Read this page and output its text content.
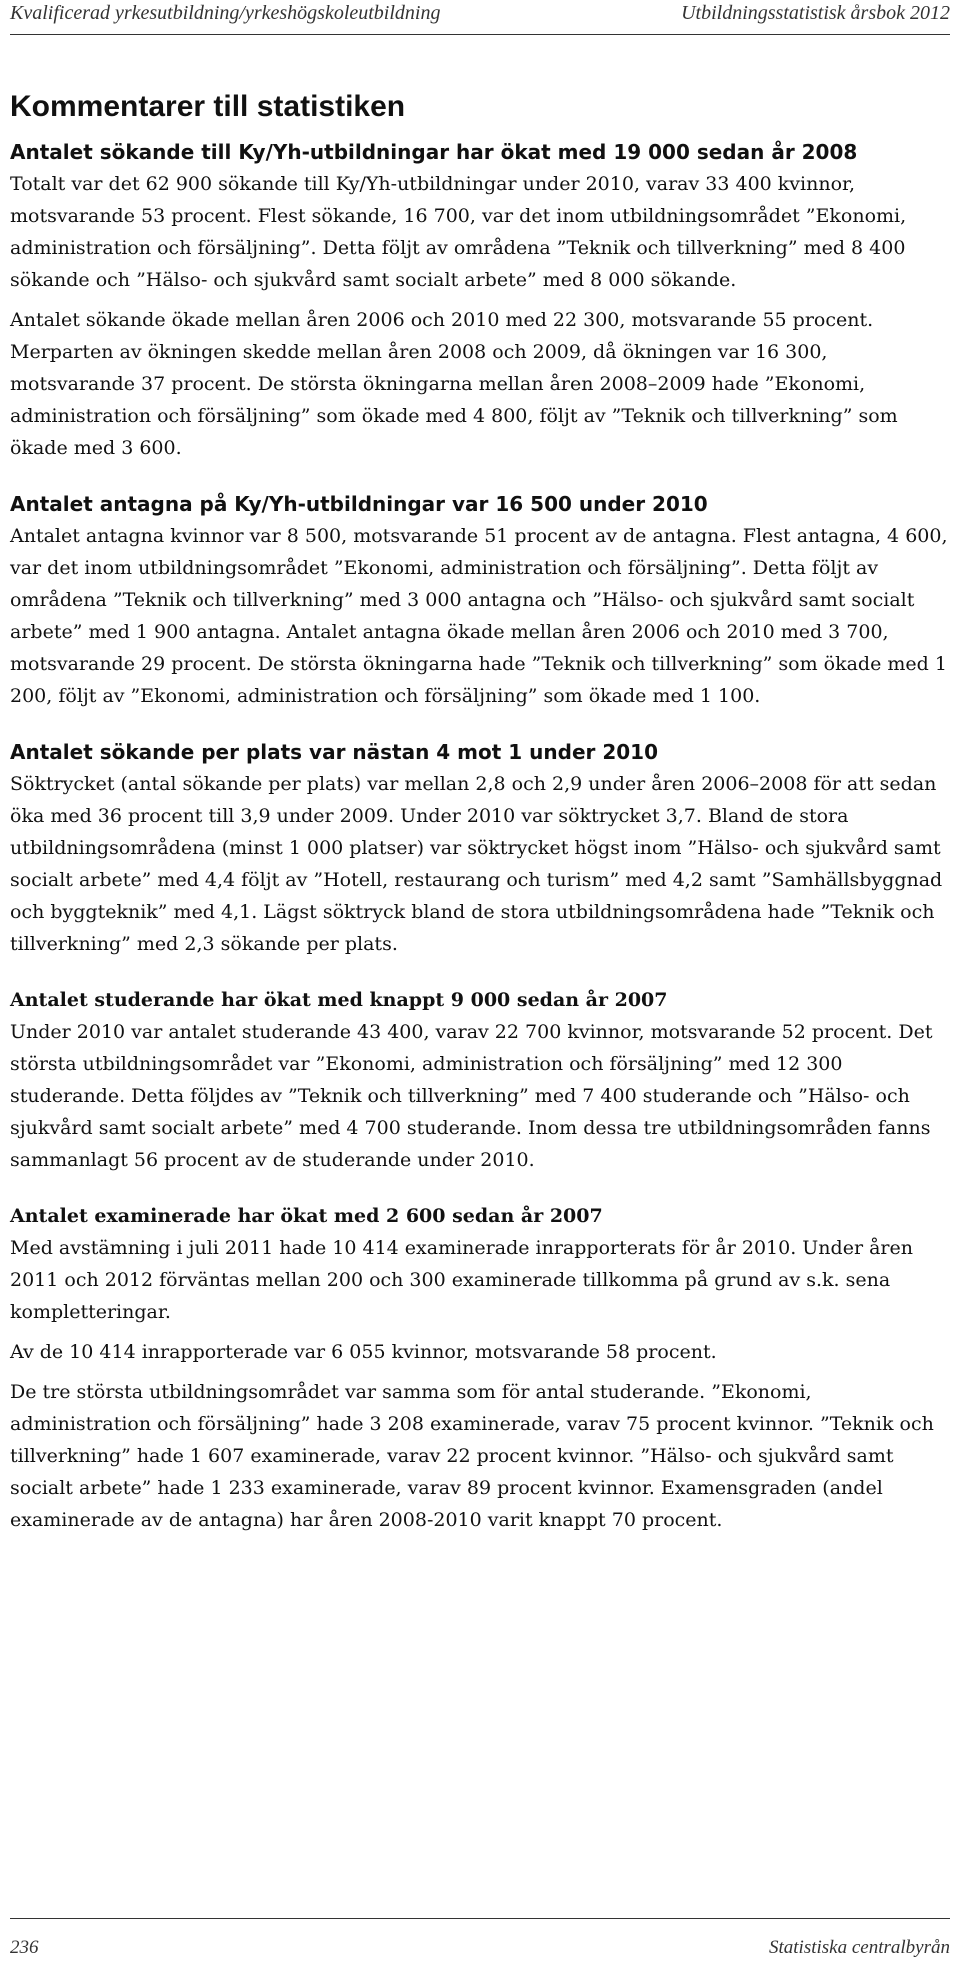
Kvalificerad yrkesutbildning/yrkeshögskoleutbildning	Utbildningsstatistisk årsbok 2012
Kommentarer till statistiken
Antalet sökande till Ky/Yh-utbildningar har ökat med 19 000 sedan år 2008

Totalt var det 62 900 sökande till Ky/Yh-utbildningar under 2010, varav 33 400 kvinnor, motsvarande 53 procent. Flest sökande, 16 700, var det inom utbildningsområdet ”Ekonomi, administration och försäljning”. Detta följt av områdena ”Teknik och tillverkning” med 8 400 sökande och ”Hälso- och sjukvård samt socialt arbete” med 8 000 sökande.

Antalet sökande ökade mellan åren 2006 och 2010 med 22 300, motsvarande 55 procent. Merparten av ökningen skedde mellan åren 2008 och 2009, då ökningen var 16 300, motsvarande 37 procent. De största ökningarna mellan åren 2008–2009 hade ”Ekonomi, administration och försäljning” som ökade med 4 800, följt av ”Teknik och tillverkning” som ökade med 3 600.

Antalet antagna på Ky/Yh-utbildningar var 16 500 under 2010

Antalet antagna kvinnor var 8 500, motsvarande 51 procent av de antagna. Flest antagna, 4 600, var det inom utbildningsområdet ”Ekonomi, administration och försäljning”. Detta följt av områdena ”Teknik och tillverkning” med 3 000 antagna och ”Hälso- och sjukvård samt socialt arbete” med 1 900 antagna. Antalet antagna ökade mellan åren 2006 och 2010 med 3 700, motsvarande 29 procent. De största ökningarna hade ”Teknik och tillverkning” som ökade med 1 200, följt av ”Ekonomi, administration och försäljning” som ökade med 1 100.

Antalet sökande per plats var nästan 4 mot 1 under 2010

Söktrycket (antal sökande per plats) var mellan 2,8 och 2,9 under åren 2006–2008 för att sedan öka med 36 procent till 3,9 under 2009. Under 2010 var söktrycket 3,7. Bland de stora utbildningsområdena (minst 1 000 platser) var söktrycket högst inom ”Hälso- och sjukvård samt socialt arbete” med 4,4 följt av ”Hotell, restaurang och turism” med 4,2 samt ”Samhällsbyggnad och byggteknik” med 4,1. Lägst söktryck bland de stora utbildningsområdena hade ”Teknik och tillverkning” med 2,3 sökande per plats.

Antalet studerande har ökat med knappt 9 000 sedan år 2007

Under 2010 var antalet studerande 43 400, varav 22 700 kvinnor, motsvarande 52 procent. Det största utbildningsområdet var ”Ekonomi, administration och försäljning” med 12 300 studerande. Detta följdes av ”Teknik och tillverkning” med 7 400 studerande och ”Hälso- och sjukvård samt socialt arbete” med 4 700 studerande. Inom dessa tre utbildningsområden fanns sammanlagt 56 procent av de studerande under 2010.

Antalet examinerade har ökat med 2 600 sedan år 2007

Med avstämning i juli 2011 hade 10 414 examinerade inrapporterats för år 2010. Under åren 2011 och 2012 förväntas mellan 200 och 300 examinerade tillkomma på grund av s.k. sena kompletteringar.

Av de 10 414 inrapporterade var 6 055 kvinnor, motsvarande 58 procent.

De tre största utbildningsområdet var samma som för antal studerande. ”Ekonomi, administration och försäljning” hade 3 208 examinerade, varav 75 procent kvinnor. ”Teknik och tillverkning” hade 1 607 examinerade, varav 22 procent kvinnor. ”Hälso- och sjukvård samt socialt arbete” hade 1 233 examinerade, varav 89 procent kvinnor. Examensgraden (andel examinerade av de antagna) har åren 2008-2010 varit knappt 70 procent.

236	Statistiska centralbyrån
